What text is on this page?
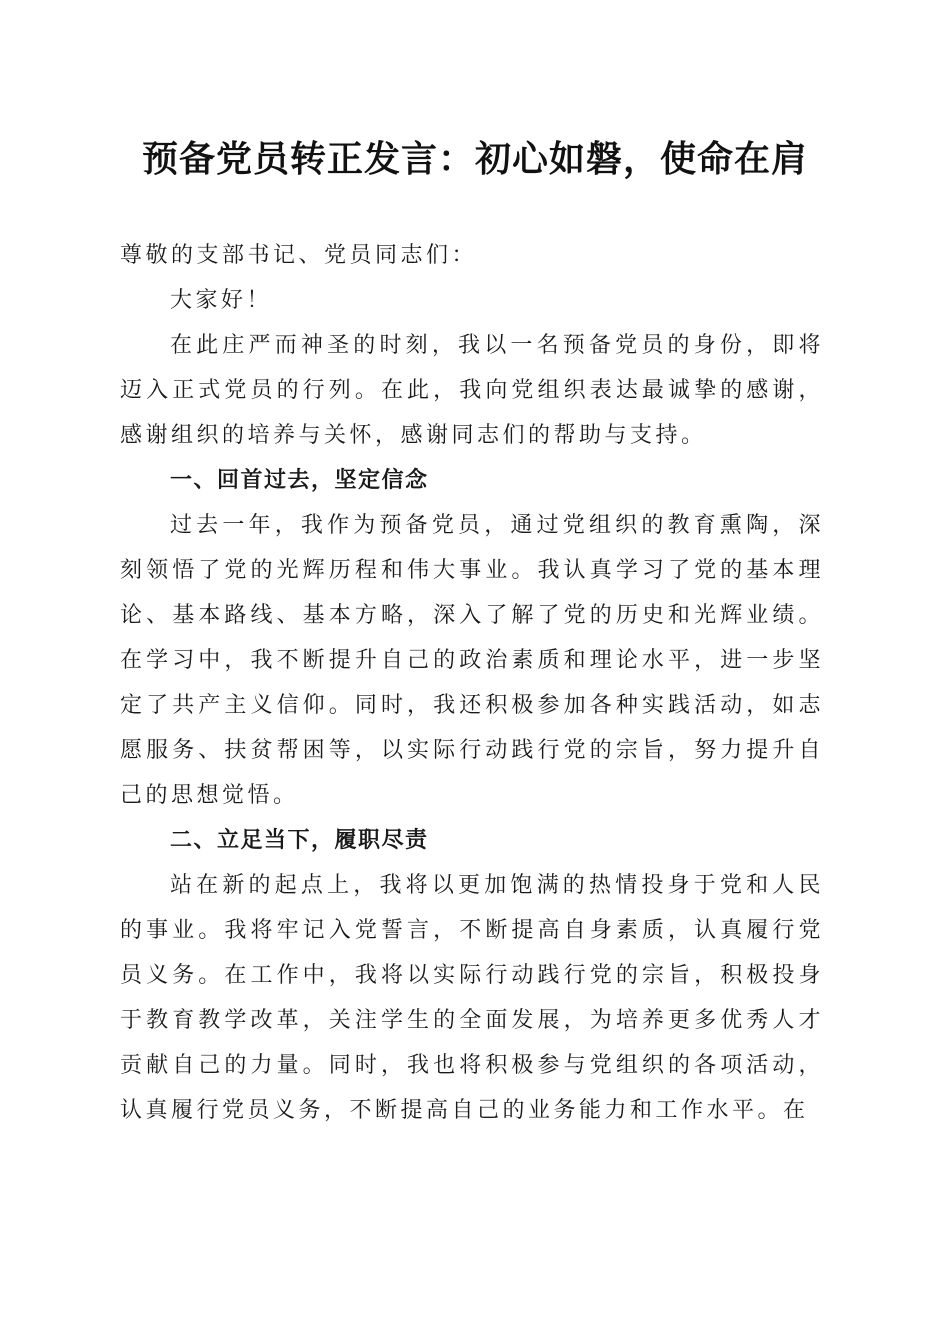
预备党员转正发言：初心如磐，使命在肩

尊敬的支部书记、党员同志们：

大家好！

在此庄严而神圣的时刻，我以一名预备党员的身份，即将迈入正式党员的行列。在此，我向党组织表达最诚挚的感谢，感谢组织的培养与关怀，感谢同志们的帮助与支持。

一、回首过去，坚定信念

过去一年，我作为预备党员，通过党组织的教育熏陶，深刻领悟了党的光辉历程和伟大事业。我认真学习了党的基本理论、基本路线、基本方略，深入了解了党的历史和光辉业绩。在学习中，我不断提升自己的政治素质和理论水平，进一步坚定了共产主义信仰。同时，我还积极参加各种实践活动，如志愿服务、扶贫帮困等，以实际行动践行党的宗旨，努力提升自己的思想觉悟。

二、立足当下，履职尽责

站在新的起点上，我将以更加饱满的热情投身于党和人民的事业。我将牢记入党誓言，不断提高自身素质，认真履行党员义务。在工作中，我将以实际行动践行党的宗旨，积极投身于教育教学改革，关注学生的全面发展，为培养更多优秀人才贡献自己的力量。同时，我也将积极参与党组织的各项活动，认真履行党员义务，不断提高自己的业务能力和工作水平。在
